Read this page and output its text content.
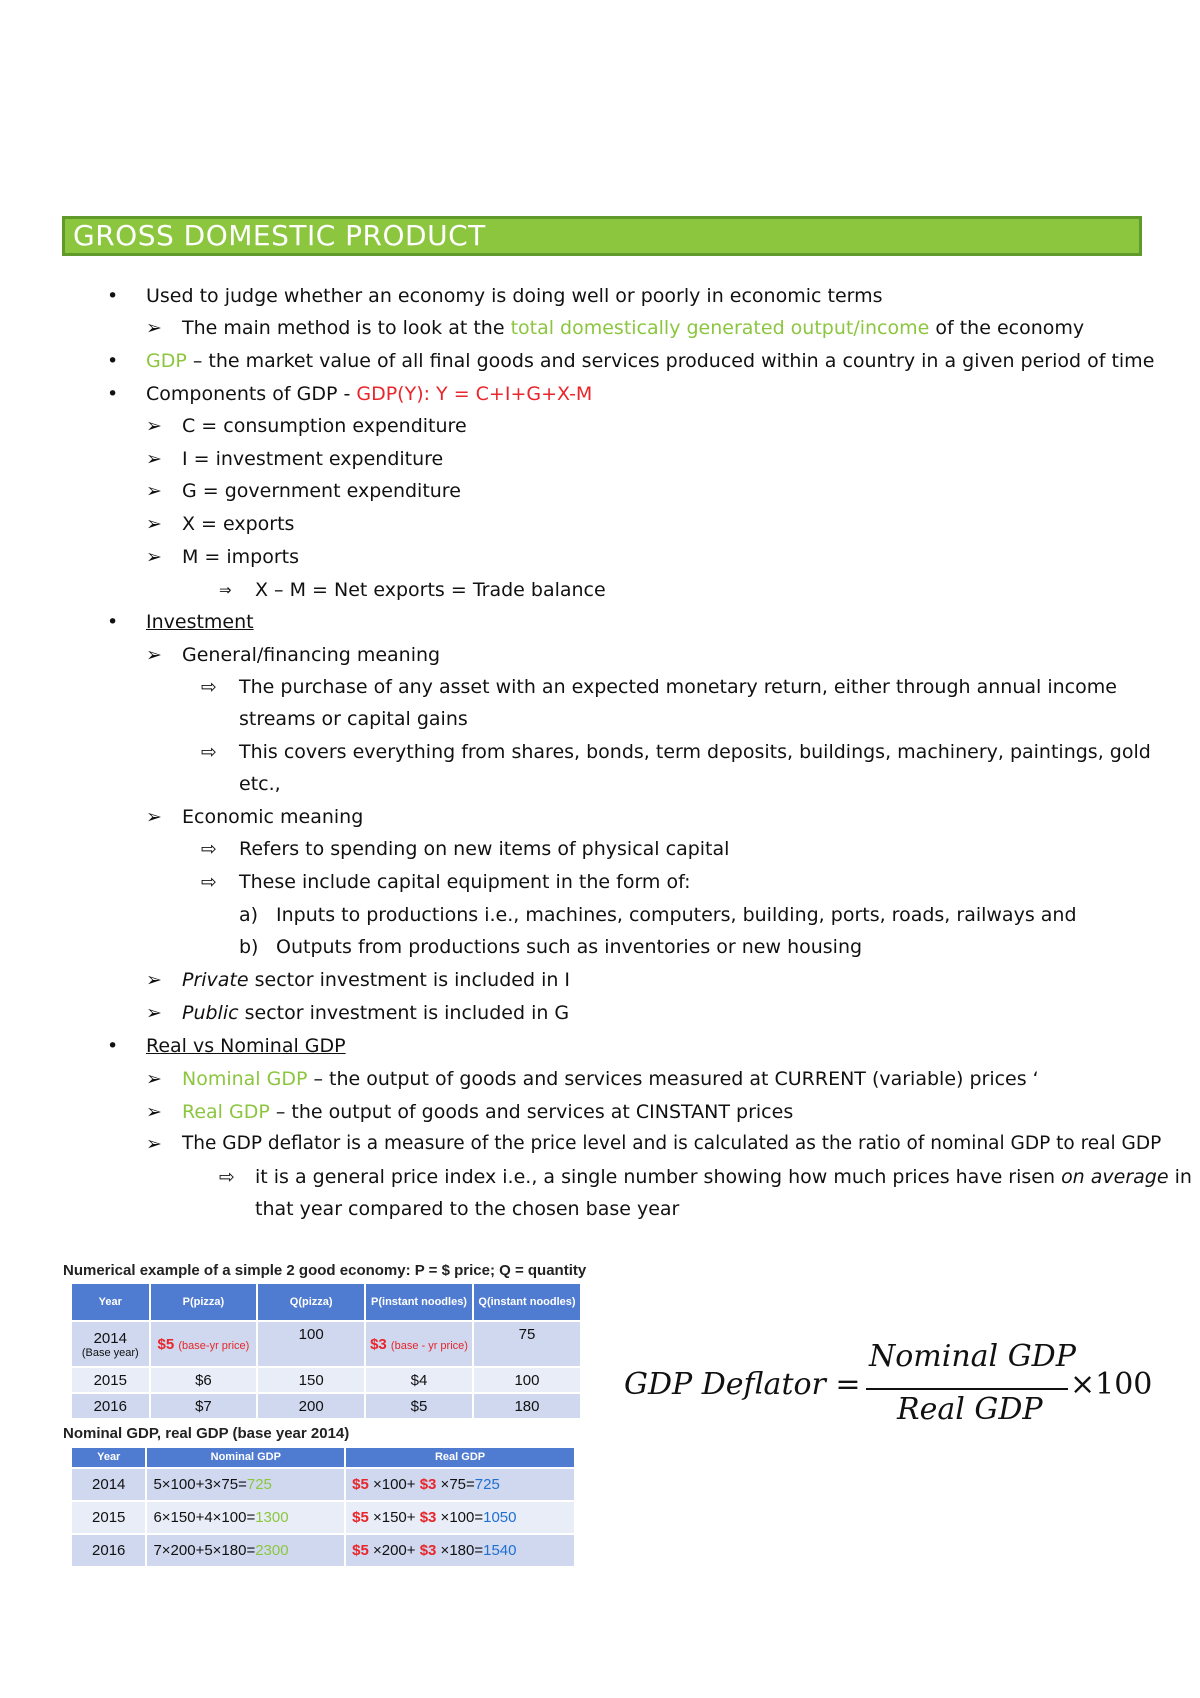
GROSS DOMESTIC PRODUCT
• Used to judge whether an economy is doing well or poorly in economic terms
➢ The main method is to look at the total domestically generated output/income of the economy
• GDP – the market value of all final goods and services produced within a country in a given period of time
• Components of GDP - GDP(Y): Y = C+I+G+X-M
➢ C = consumption expenditure
➢ I = investment expenditure
➢ G = government expenditure
➢ X = exports
➢ M = imports
⇒ X – M = Net exports = Trade balance
• Investment
➢ General/financing meaning
⇨ The purchase of any asset with an expected monetary return, either through annual income
streams or capital gains
⇨ This covers everything from shares, bonds, term deposits, buildings, machinery, paintings, gold
etc.,
➢ Economic meaning
⇨ Refers to spending on new items of physical capital
⇨ These include capital equipment in the form of:
a) Inputs to productions i.e., machines, computers, building, ports, roads, railways and
b) Outputs from productions such as inventories or new housing
➢ Private sector investment is included in I
➢ Public sector investment is included in G
• Real vs Nominal GDP
➢ Nominal GDP – the output of goods and services measured at CURRENT (variable) prices ‘
➢ Real GDP – the output of goods and services at CINSTANT prices
➢ The GDP deflator is a measure of the price level and is calculated as the ratio of nominal GDP to real GDP
⇨ it is a general price index i.e., a single number showing how much prices have risen on average in
that year compared to the chosen base year
Numerical example of a simple 2 good economy: P = $ price; Q = quantity
Year	P(pizza)	Q(pizza)	P(instant noodles)	Q(instant noodles)

2014
(Base year)	$5 (base-yr price)	100	$3 (base - yr price)	75
2015	$6	150	$4	100
2016	$7	200	$5	180
Nominal GDP, real GDP (base year 2014)
Year	Nominal GDP	Real GDP
2014	5×100+3×75=725	$5 ×100+ $3 ×75=725
2015	6×150+4×100=1300	$5 ×150+ $3 ×100=1050
2016	7×200+5×180=2300	$5 ×200+ $3 ×180=1540
GDP Deflator =
Nominal GDP
Real GDP
×100
